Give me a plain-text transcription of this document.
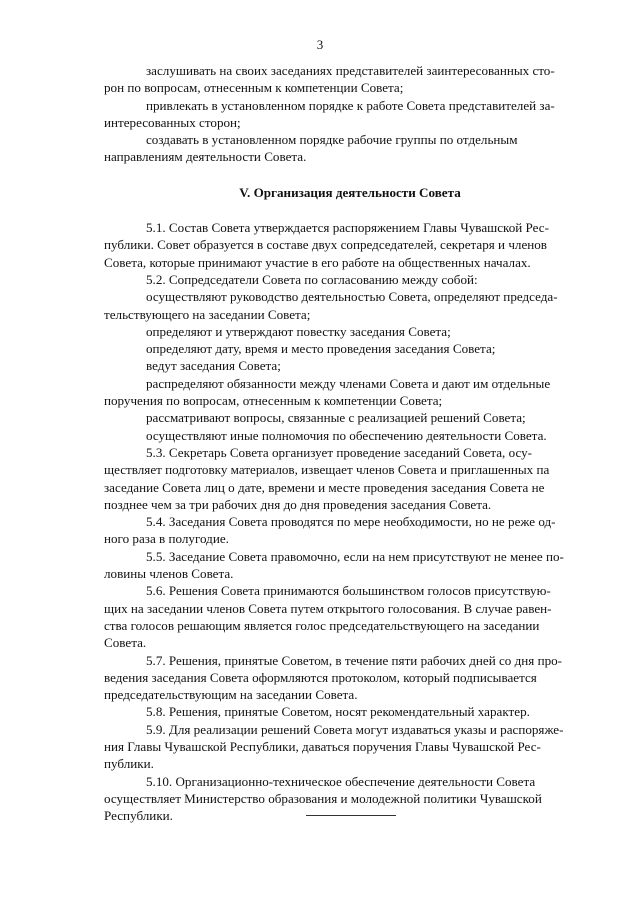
3

заслушивать на своих заседаниях представителей заинтересованных сто-
рон по вопросам, отнесенным к компетенции Совета;

привлекать в установленном порядке к работе Совета представителей за-
интересованных сторон;

создавать в установленном порядке рабочие группы по отдельным
направлениям деятельности Совета.

V. Организация деятельности Совета

5.1. Состав Совета утверждается распоряжением Главы Чувашской Рес-
публики. Совет образуется в составе двух сопредседателей, секретаря и членов
Совета, которые принимают участие в его работе на общественных началах.

5.2. Сопредседатели Совета по согласованию между собой:

осуществляют руководство деятельностью Совета, определяют председа-
тельствующего на заседании Совета;

определяют и утверждают повестку заседания Совета;

определяют дату, время и место проведения заседания Совета;

ведут заседания Совета;

распределяют обязанности между членами Совета и дают им отдельные
поручения по вопросам, отнесенным к компетенции Совета;

рассматривают вопросы, связанные с реализацией решений Совета;

осуществляют иные полномочия по обеспечению деятельности Совета.

5.3. Секретарь Совета организует проведение заседаний Совета, осу-
ществляет подготовку материалов, извещает членов Совета и приглашенных па
заседание Совета лиц о дате, времени и месте проведения заседания Совета не
позднее чем за три рабочих дня до дня проведения заседания Совета.

5.4. Заседания Совета проводятся по мере необходимости, но не реже од-
ного раза в полугодие.

5.5. Заседание Совета правомочно, если на нем присутствуют не менее по-
ловины членов Совета.

5.6. Решения Совета принимаются большинством голосов присутствую-
щих на заседании членов Совета путем открытого голосования. В случае равен-
ства голосов решающим является голос председательствующего на заседании
Совета.

5.7. Решения, принятые Советом, в течение пяти рабочих дней со дня про-
ведения заседания Совета оформляются протоколом, который подписывается
председательствующим на заседании Совета.

5.8. Решения, принятые Советом, носят рекомендательный характер.

5.9. Для реализации решений Совета могут издаваться указы и распоряже-
ния Главы Чувашской Республики, даваться поручения Главы Чувашской Рес-
публики.

5.10. Организационно-техническое обеспечение деятельности Совета
осуществляет Министерство образования и молодежной политики Чувашской
Республики.
